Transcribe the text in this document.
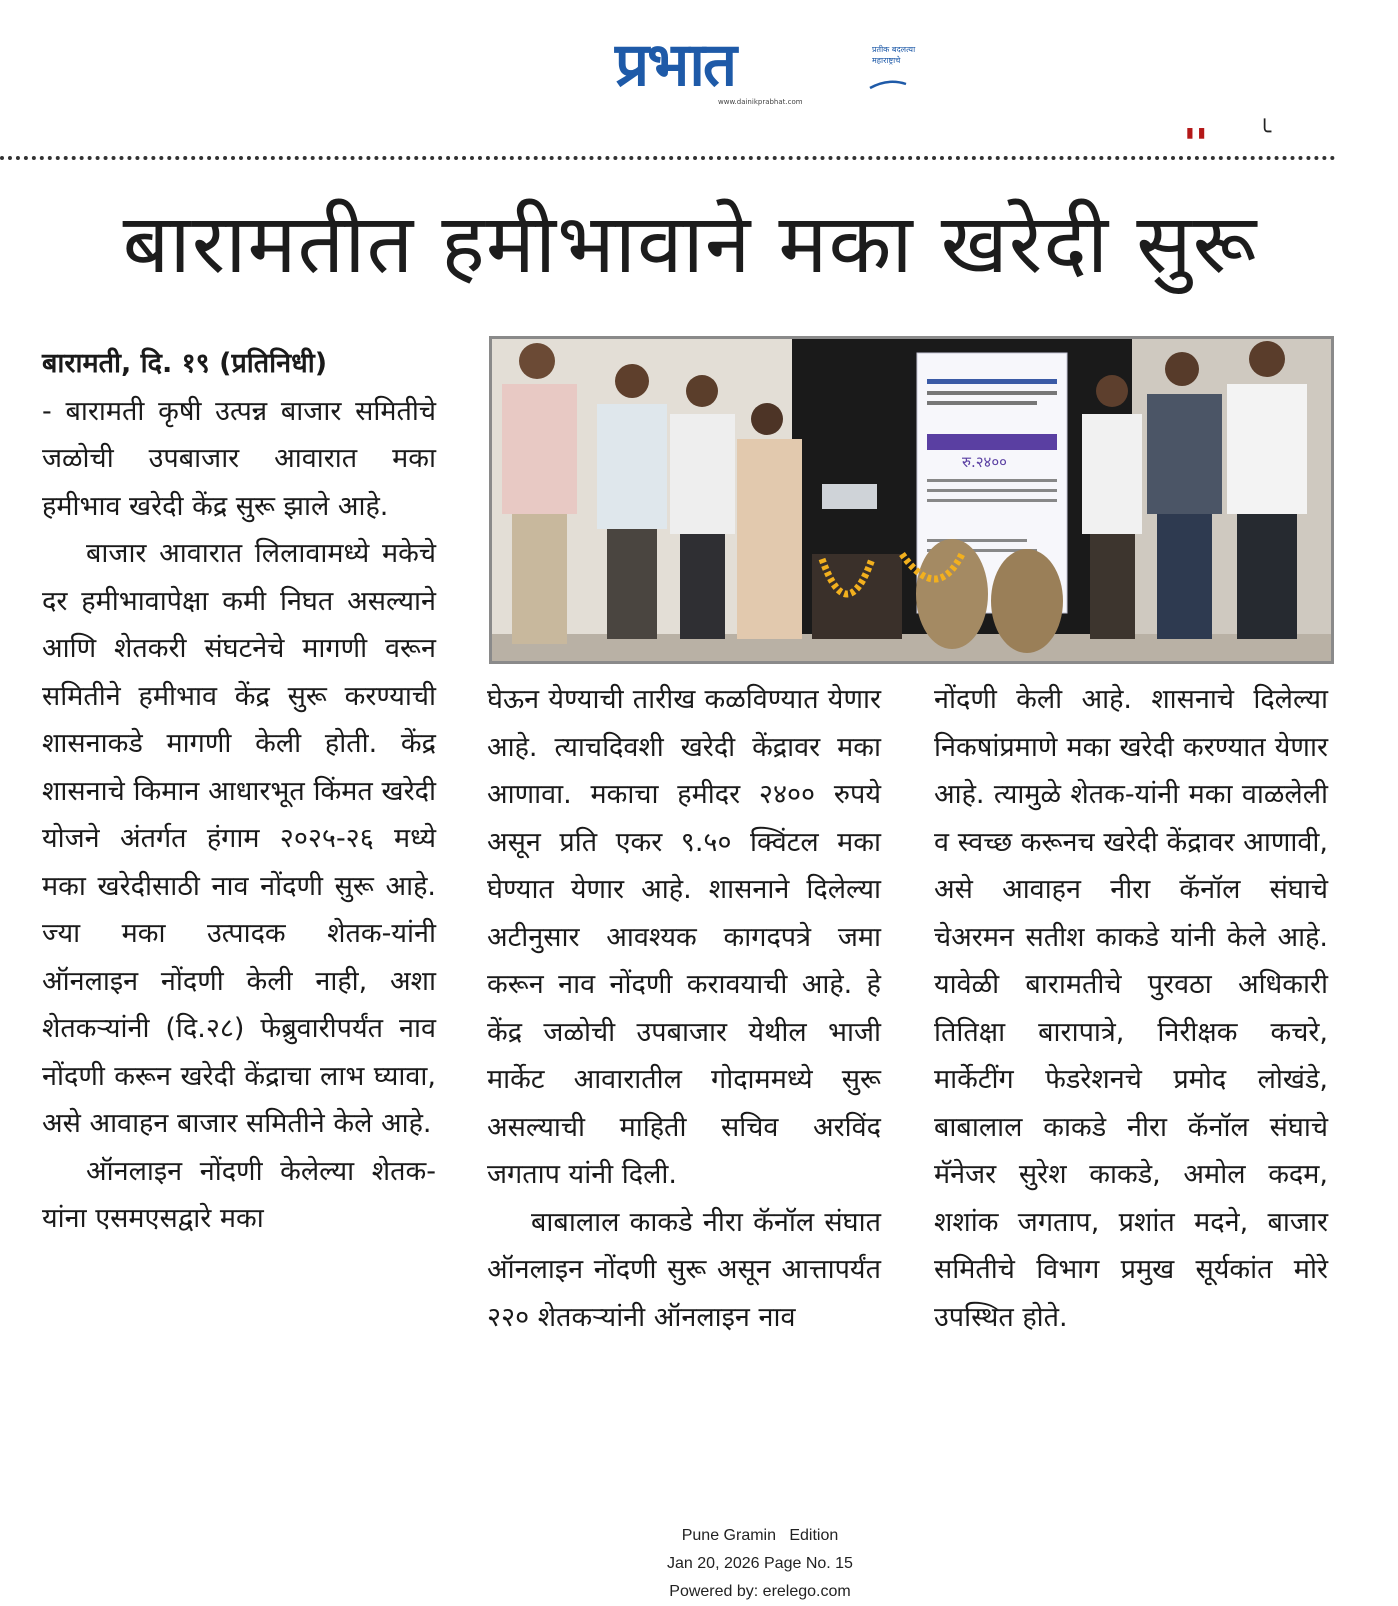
प्रभात	प्रतीक बदलत्या महाराष्ट्राचे
www.dainikprabhat.com
▮▮ ╰
बारामतीत हमीभावाने मका खरेदी सुरू

बारामती, दि. १९ (प्रतिनिधी)

- बारामती कृषी उत्पन्न बाजार समितीचे जळोची उपबाजार आवारात मका हमीभाव खरेदी केंद्र सुरू झाले आहे.

बाजार आवारात लिलावामध्ये मकेचे दर हमीभावापेक्षा कमी निघत असल्याने आणि शेतकरी संघटनेचे मागणी वरून समितीने हमीभाव केंद्र सुरू करण्याची शासनाकडे मागणी केली होती. केंद्र शासनाचे किमान आधारभूत किंमत खरेदी योजने अंतर्गत हंगाम २०२५-२६ मध्ये मका खरेदीसाठी नाव नोंदणी सुरू आहे. ज्या मका उत्पादक शेतक-यांनी ऑनलाइन नोंदणी केली नाही, अशा शेतकऱ्यांनी (दि.२८) फेब्रुवारीपर्यंत नाव नोंदणी करून खरेदी केंद्राचा लाभ घ्यावा, असे आवाहन बाजार समितीने केले आहे.

ऑनलाइन नोंदणी केलेल्या शेतक-यांना एसमएसद्वारे मका

रु.२४००

घेऊन येण्याची तारीख कळविण्यात येणार आहे. त्याचदिवशी खरेदी केंद्रावर मका आणावा. मकाचा हमीदर २४०० रुपये असून प्रति एकर ९.५० क्विंटल मका घेण्यात येणार आहे. शासनाने दिलेल्या अटीनुसार आवश्यक कागदपत्रे जमा करून नाव नोंदणी करावयाची आहे. हे केंद्र जळोची उपबाजार येथील भाजी मार्केट आवारातील गोदाममध्ये सुरू असल्याची माहिती सचिव अरविंद जगताप यांनी दिली.

बाबालाल काकडे नीरा कॅनॉल संघात ऑनलाइन नोंदणी सुरू असून आत्तापर्यंत २२० शेतकऱ्यांनी ऑनलाइन नाव

नोंदणी केली आहे. शासनाचे दिलेल्या निकषांप्रमाणे मका खरेदी करण्यात येणार आहे. त्यामुळे शेतक-यांनी मका वाळलेली व स्वच्छ करूनच खरेदी केंद्रावर आणावी, असे आवाहन नीरा कॅनॉल संघाचे चेअरमन सतीश काकडे यांनी केले आहे. यावेळी बारामतीचे पुरवठा अधिकारी तितिक्षा बारापात्रे, निरीक्षक कचरे, मार्केटींग फेडरेशनचे प्रमोद लोखंडे, बाबालाल काकडे नीरा कॅनॉल संघाचे मॅनेजर सुरेश काकडे, अमोल कदम, शशांक जगताप, प्रशांत मदने, बाजार समितीचे विभाग प्रमुख सूर्यकांत मोरे उपस्थित होते.

Pune Gramin   Edition
Jan 20, 2026 Page No. 15
Powered by: erelego.com
